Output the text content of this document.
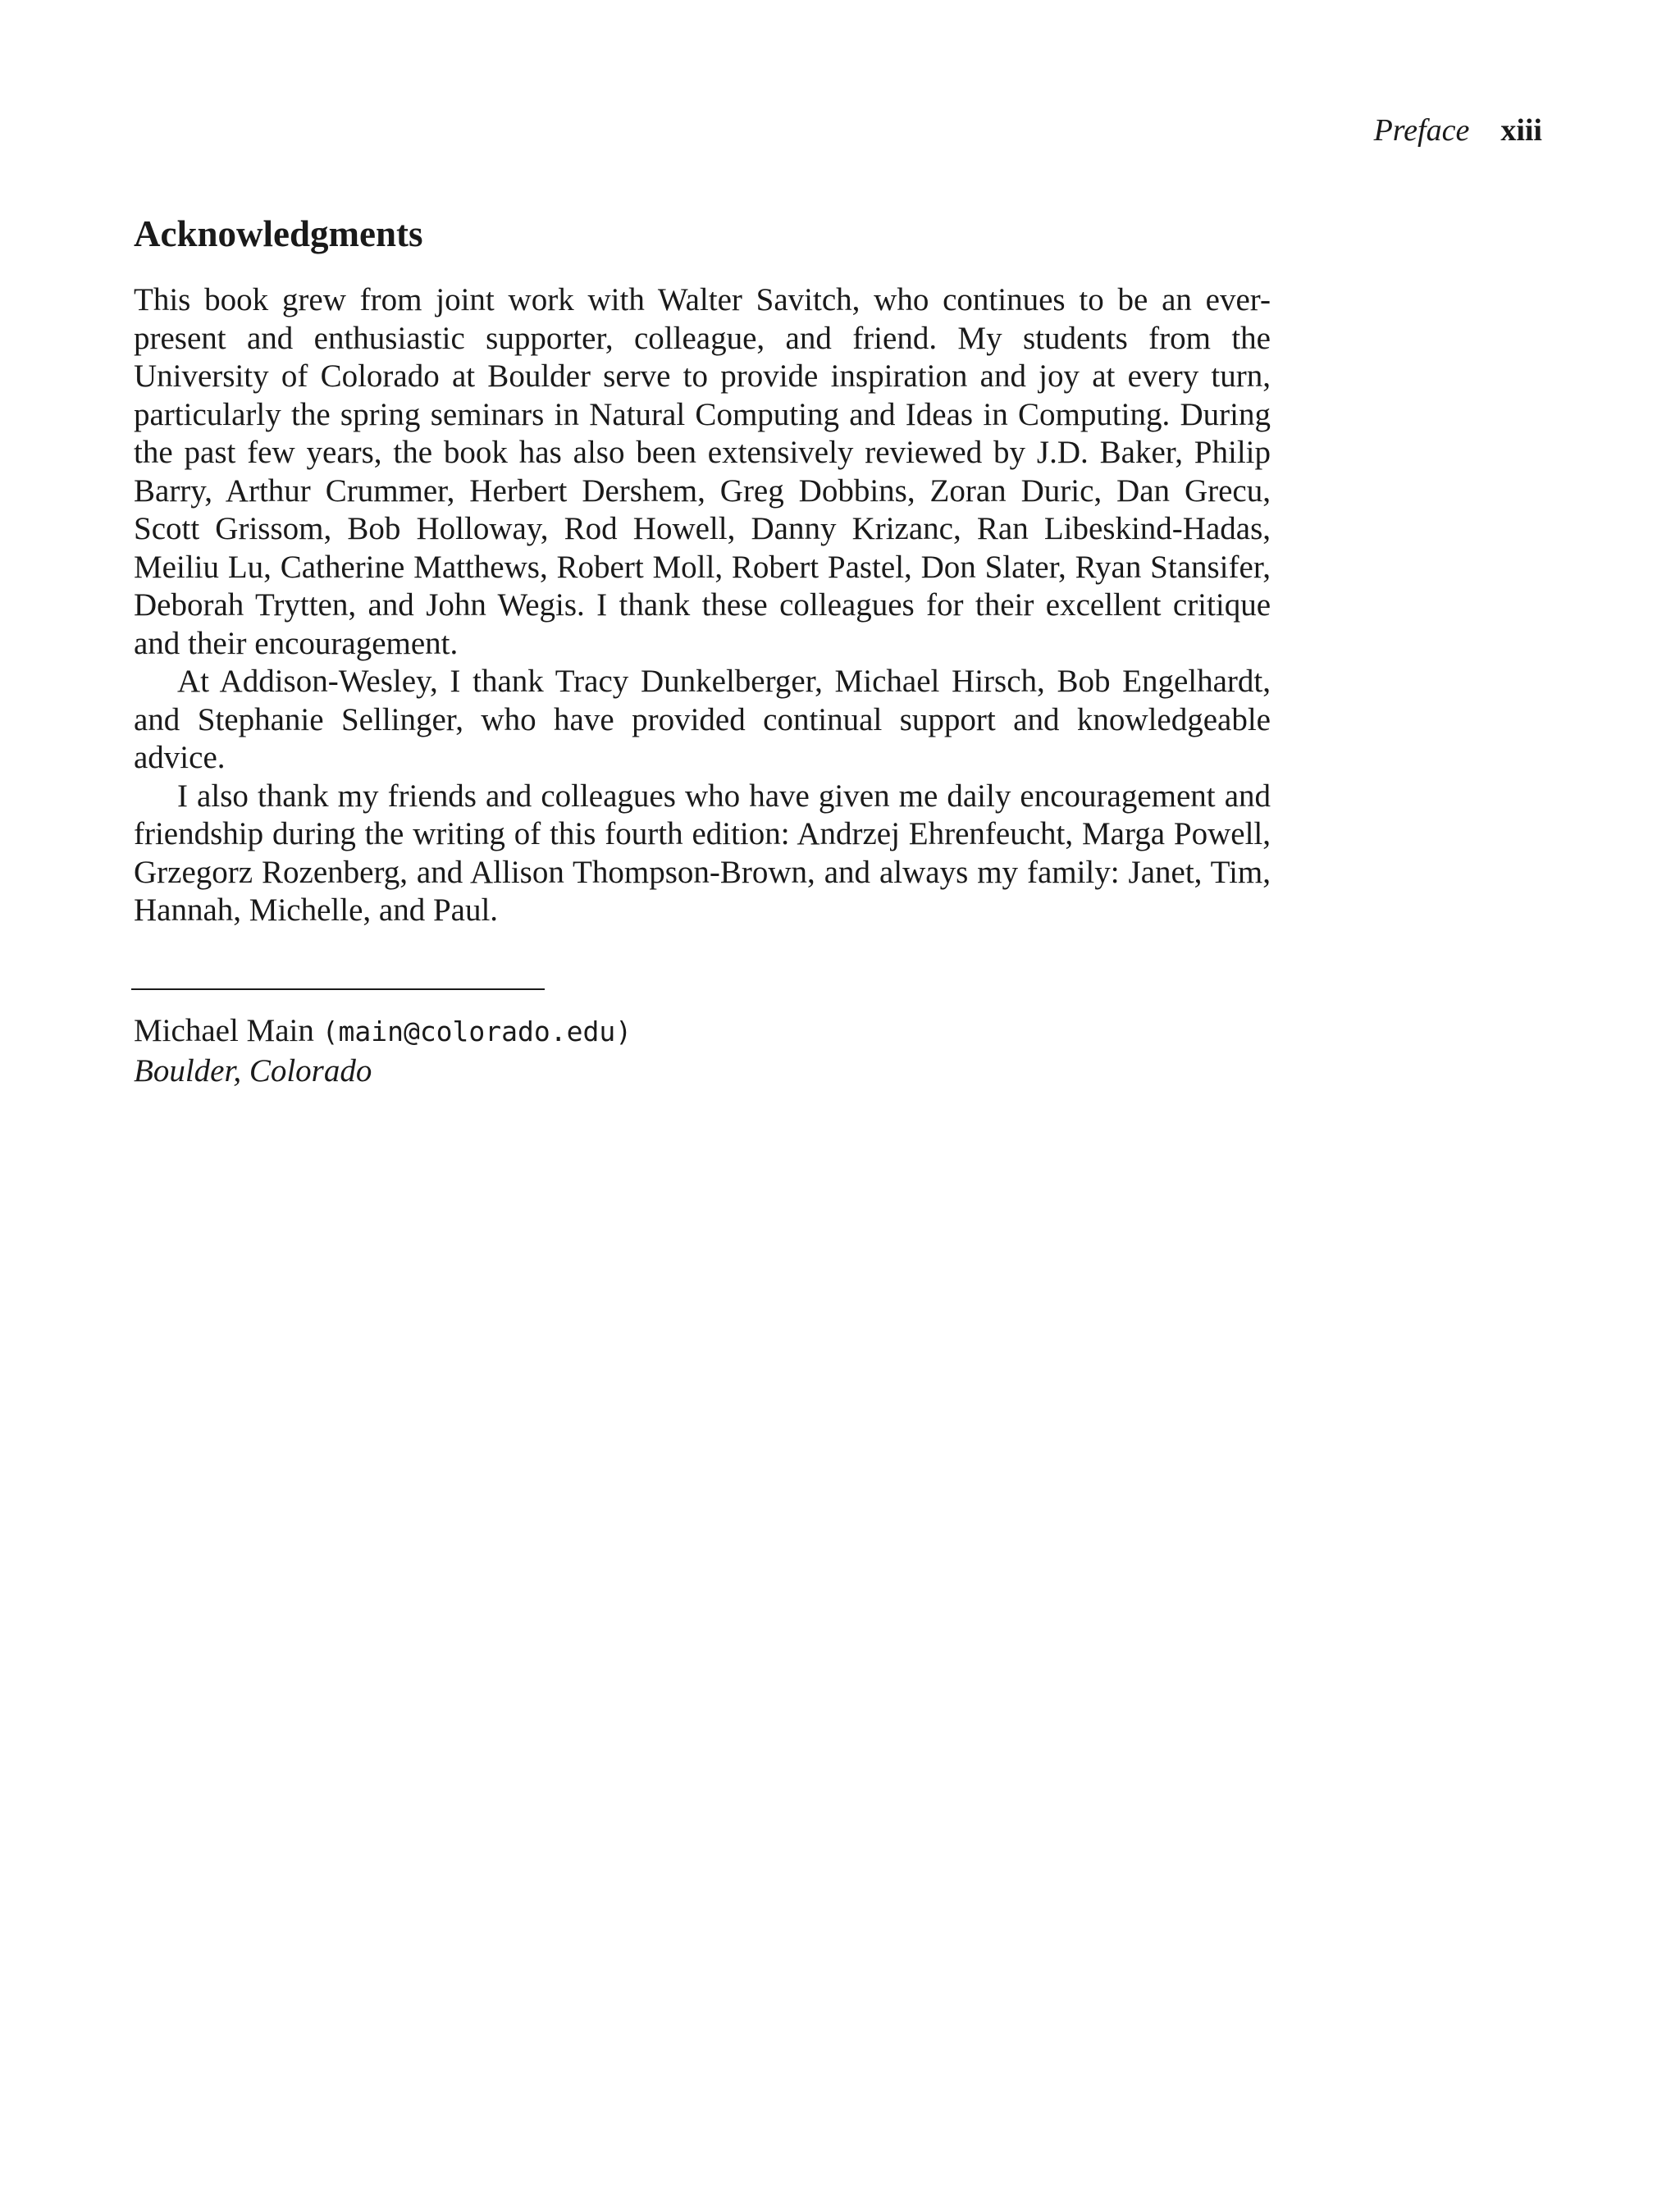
Preface xiii
Acknowledgments

This book grew from joint work with Walter Savitch, who continues to be an ever-present and enthusiastic supporter, colleague, and friend. My students from the University of Colorado at Boulder serve to provide inspiration and joy at every turn, particularly the spring seminars in Natural Computing and Ideas in Computing. During the past few years, the book has also been extensively reviewed by J.D. Baker, Philip Barry, Arthur Crummer, Herbert Dershem, Greg Dobbins, Zoran Duric, Dan Grecu, Scott Grissom, Bob Holloway, Rod Howell, Danny Krizanc, Ran Libeskind-Hadas, Meiliu Lu, Catherine Matthews, Robert Moll, Robert Pastel, Don Slater, Ryan Stansifer, Deborah Trytten, and John Wegis. I thank these colleagues for their excellent critique and their encouragement.

At Addison-Wesley, I thank Tracy Dunkelberger, Michael Hirsch, Bob Engelhardt, and Stephanie Sellinger, who have provided continual support and knowledgeable advice.

I also thank my friends and colleagues who have given me daily encouragement and friendship during the writing of this fourth edition: Andrzej Ehrenfeucht, Marga Powell, Grzegorz Rozenberg, and Allison Thompson-Brown, and always my family: Janet, Tim, Hannah, Michelle, and Paul.

Michael Main (main@colorado.edu)
Boulder, Colorado
